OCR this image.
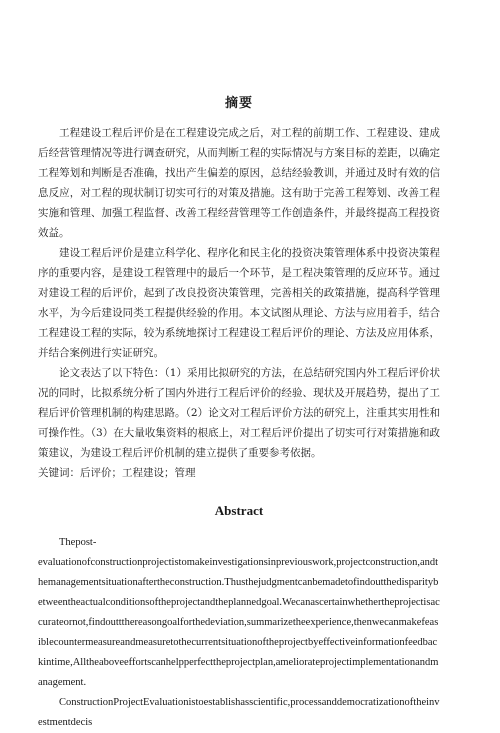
摘要

工程建设工程后评价是在工程建设完成之后，对工程的前期工作、工程建设、建成后经营管理情况等进行调查研究，从而判断工程的实际情况与方案目标的差距，以确定工程筹划和判断是否准确，找出产生偏差的原因，总结经验教训，并通过及时有效的信息反应，对工程的现状制订切实可行的对策及措施。这有助于完善工程筹划、改善工程实施和管理、加强工程监督、改善工程经营管理等工作创造条件，并最终提高工程投资效益。

建设工程后评价是建立科学化、程序化和民主化的投资决策管理体系中投资决策程序的重要内容，是建设工程管理中的最后一个环节，是工程决策管理的反应环节。通过对建设工程的后评价，起到了改良投资决策管理，完善相关的政策措施，提高科学管理水平，为今后建设同类工程提供经验的作用。本文试图从理论、方法与应用着手，结合工程建设工程的实际，较为系统地探讨工程建设工程后评价的理论、方法及应用体系，并结合案例进行实证研究。

论文表达了以下特色：（1）采用比拟研究的方法，在总结研究国内外工程后评价状况的同时，比拟系统分析了国内外进行工程后评价的经验、现状及开展趋势，提出了工程后评价管理机制的构建思路。（2）论文对工程后评价方法的研究上，注重其实用性和可操作性。（3）在大量收集资料的根底上，对工程后评价提出了切实可行对策措施和政策建议，为建设工程后评价机制的建立提供了重要参考依据。

关键词：后评价；工程建设；管理

Abstract

Thepost-

evaluationofconstructionprojectistomakeinvestigationsinpreviouswork,projectconstruction,andthemanagementsituationaftertheconstruction.Thusthejudgmentcanbemadetofindoutthedisparitybetweentheactualconditionsoftheprojectandtheplannedgoal.Wecanascertainwhethertheprojectisaccurateornot,findouttthereasongoalforthedeviation,summarizetheexperience,thenwecanmakefeasiblecountermeasureandmeasuretothecurrentsituationoftheprojectbyeffectiveinformationfeedbackintime,Alltheaboveeffortscanhelpperfecttheprojectplan,ameliorateprojectimplementationandmanagement.

ConstructionProjectEvaluationistoestablishasscientific,processanddemocratizationoftheinvestmentdecis
